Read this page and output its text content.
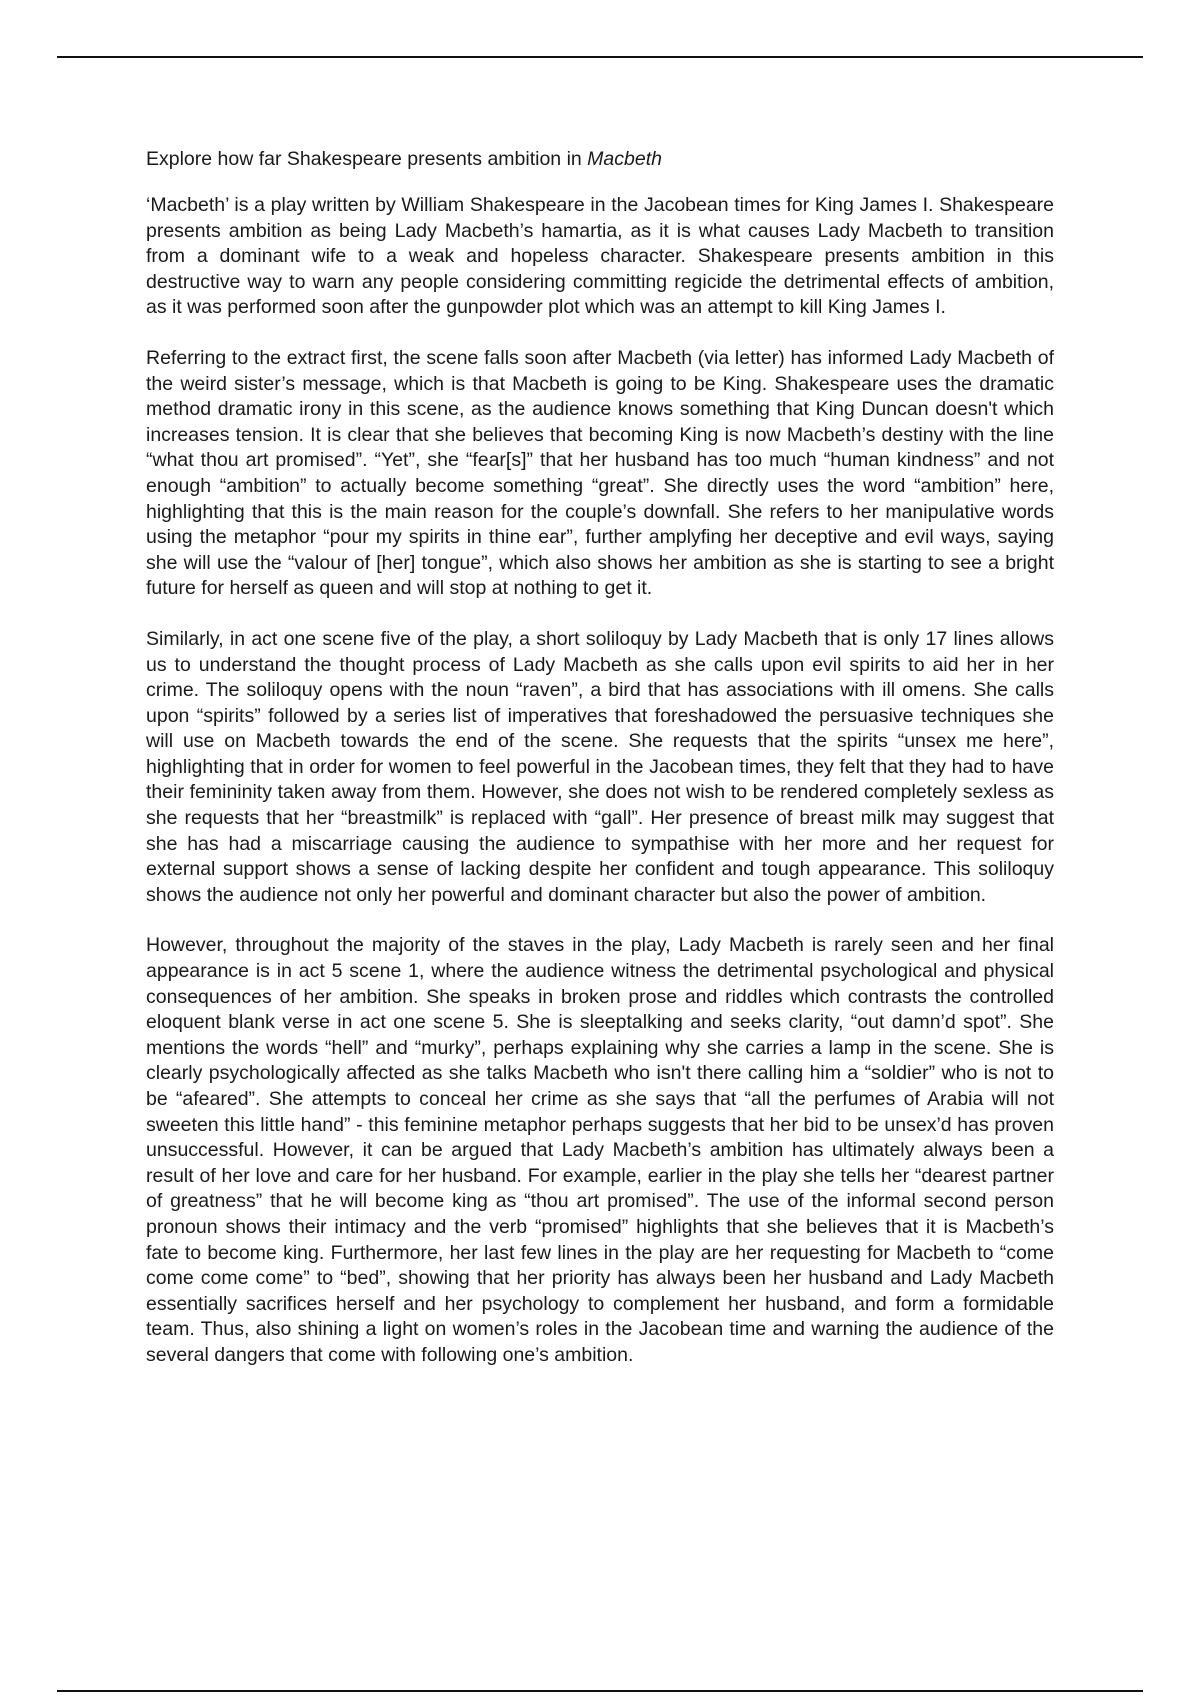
Explore how far Shakespeare presents ambition in Macbeth

‘Macbeth’ is a play written by William Shakespeare in the Jacobean times for King James I. Shakespeare presents ambition as being Lady Macbeth’s hamartia, as it is what causes Lady Macbeth to transition from a dominant wife to a weak and hopeless character. Shakespeare presents ambition in this destructive way to warn any people considering committing regicide the detrimental effects of ambition, as it was performed soon after the gunpowder plot which was an attempt to kill King James I.

Referring to the extract first, the scene falls soon after Macbeth (via letter) has informed Lady Macbeth of the weird sister’s message, which is that Macbeth is going to be King. Shakespeare uses the dramatic method dramatic irony in this scene, as the audience knows something that King Duncan doesn't which increases tension. It is clear that she believes that becoming King is now Macbeth’s destiny with the line “what thou art promised”. “Yet”, she “fear[s]” that her husband has too much “human kindness” and not enough “ambition” to actually become something “great”. She directly uses the word “ambition” here, highlighting that this is the main reason for the couple’s downfall. She refers to her manipulative words using the metaphor “pour my spirits in thine ear”, further amplyfing her deceptive and evil ways, saying she will use the “valour of [her] tongue”, which also shows her ambition as she is starting to see a bright future for herself as queen and will stop at nothing to get it.

Similarly, in act one scene five of the play, a short soliloquy by Lady Macbeth that is only 17 lines allows us to understand the thought process of Lady Macbeth as she calls upon evil spirits to aid her in her crime. The soliloquy opens with the noun “raven”, a bird that has associations with ill omens. She calls upon “spirits” followed by a series list of imperatives that foreshadowed the persuasive techniques she will use on Macbeth towards the end of the scene. She requests that the spirits “unsex me here”, highlighting that in order for women to feel powerful in the Jacobean times, they felt that they had to have their femininity taken away from them. However, she does not wish to be rendered completely sexless as she requests that her “breastmilk” is replaced with “gall”. Her presence of breast milk may suggest that she has had a miscarriage causing the audience to sympathise with her more and her request for external support shows a sense of lacking despite her confident and tough appearance. This soliloquy shows the audience not only her powerful and dominant character but also the power of ambition.

However, throughout the majority of the staves in the play, Lady Macbeth is rarely seen and her final appearance is in act 5 scene 1, where the audience witness the detrimental psychological and physical consequences of her ambition. She speaks in broken prose and riddles which contrasts the controlled eloquent blank verse in act one scene 5. She is sleeptalking and seeks clarity, “out damn’d spot”. She mentions the words “hell” and “murky”, perhaps explaining why she carries a lamp in the scene. She is clearly psychologically affected as she talks Macbeth who isn't there calling him a “soldier” who is not to be “afeared”. She attempts to conceal her crime as she says that “all the perfumes of Arabia will not sweeten this little hand” - this feminine metaphor perhaps suggests that her bid to be unsex’d has proven unsuccessful. However, it can be argued that Lady Macbeth’s ambition has ultimately always been a result of her love and care for her husband. For example, earlier in the play she tells her “dearest partner of greatness” that he will become king as “thou art promised”. The use of the informal second person pronoun shows their intimacy and the verb “promised” highlights that she believes that it is Macbeth’s fate to become king. Furthermore, her last few lines in the play are her requesting for Macbeth to “come come come come” to “bed”, showing that her priority has always been her husband and Lady Macbeth essentially sacrifices herself and her psychology to complement her husband, and form a formidable team. Thus, also shining a light on women’s roles in the Jacobean time and warning the audience of the several dangers that come with following one’s ambition.
